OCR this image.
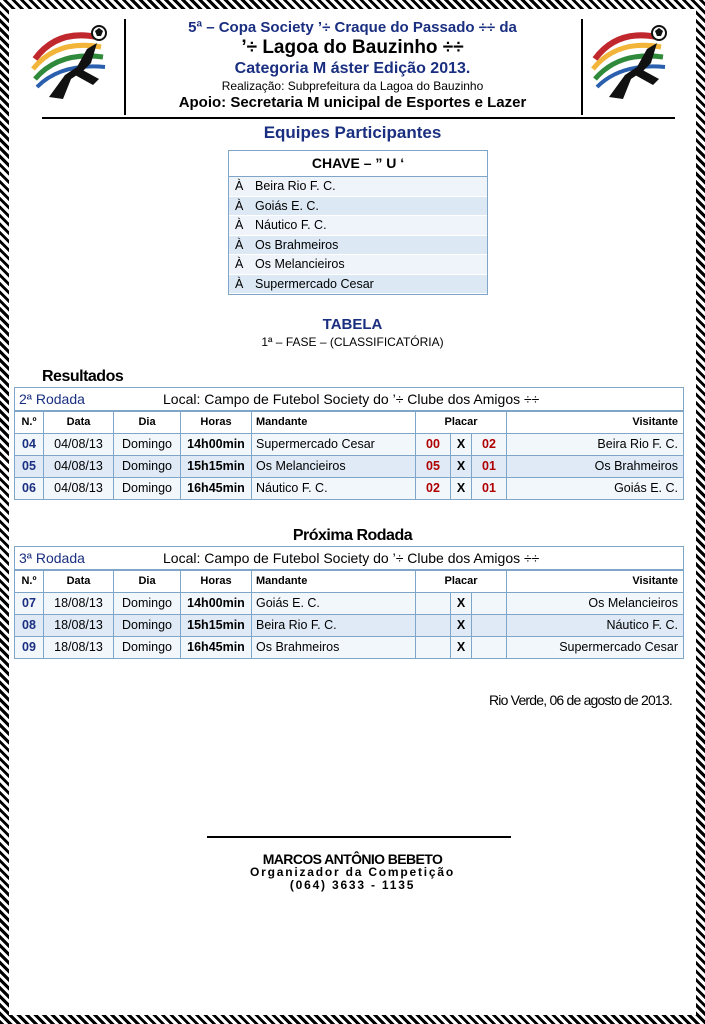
5ª – Copa Society ’÷ Craque do Passado ÷÷ da
’÷ Lagoa do Bauzinho ÷÷
Categoria M áster Edição 2013.
Realização: Subprefeitura da Lagoa do Bauzinho
Apoio: Secretaria M unicipal de Esportes e Lazer
Equipes Participantes
CHAVE – ” U ‘
À Beira Rio F. C.
À Goiás E. C.
À Náutico F. C.
À Os Brahmeiros
À Os Melancieiros
À Supermercado Cesar
TABELA
1ª – FASE – (CLASSIFICATÓRIA)
Resultados
2ª Rodada	Local: Campo de Futebol Society do ’÷ Clube dos Amigos ÷÷
N.º	Data	Dia	Horas	Mandante	Placar	Visitante
04	04/08/13	Domingo	14h00min Supermercado Cesar	00	X	02	Beira Rio F. C.
05	04/08/13	Domingo	15h15min Os Melancieiros	05	X	01	Os Brahmeiros
06	04/08/13	Domingo	16h45min Náutico F. C.	02	X	01	Goiás E. C.
Próxima Rodada
3ª Rodada	Local: Campo de Futebol Society do ’÷ Clube dos Amigos ÷÷
N.º	Data	Dia	Horas	Mandante	Placar	Visitante
07	18/08/13	Domingo	14h00min Goiás E. C.	X	Os Melancieiros
08	18/08/13	Domingo	15h15min Beira Rio F. C.	X	Náutico F. C.
09	18/08/13	Domingo	16h45min Os Brahmeiros	X	Supermercado Cesar
Rio Verde, 06 de agosto de 2013.
MARCOS ANTÔNIO BEBETO
Organizador da Competição
(064) 3633 - 1135
